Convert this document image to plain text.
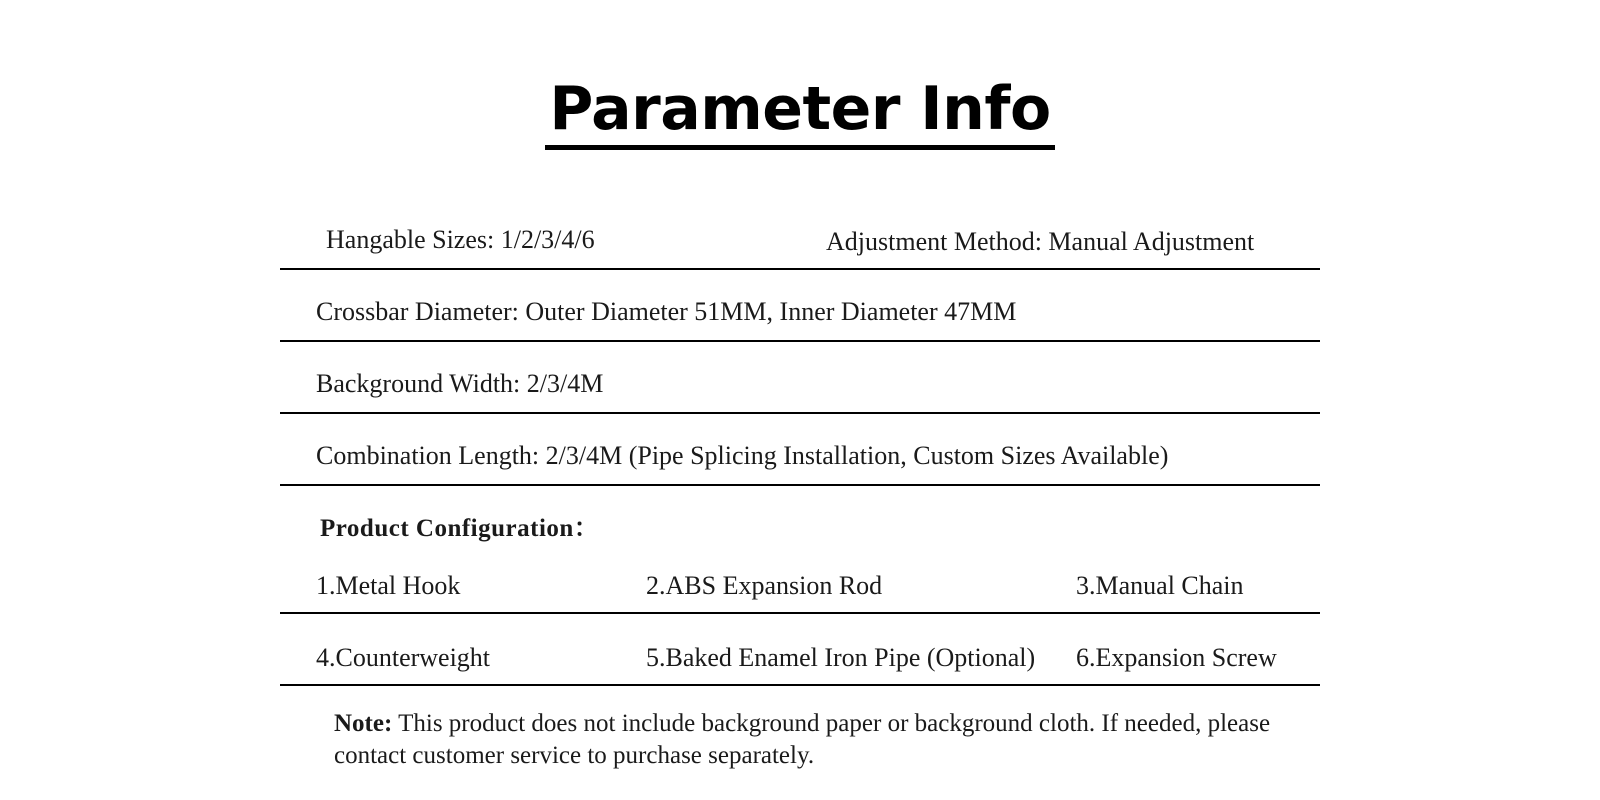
Parameter Info
Hangable Sizes: 1/2/3/4/6	Adjustment Method: Manual Adjustment
Crossbar Diameter: Outer Diameter 51MM, Inner Diameter 47MM
Background Width: 2/3/4M
Combination Length: 2/3/4M (Pipe Splicing Installation, Custom Sizes Available)
Product Configuration：
1.Metal Hook	2.ABS Expansion Rod	3.Manual Chain
4.Counterweight	5.Baked Enamel Iron Pipe (Optional)	6.Expansion Screw

Note: This product does not include background paper or background cloth. If needed, please contact customer service to purchase separately.
